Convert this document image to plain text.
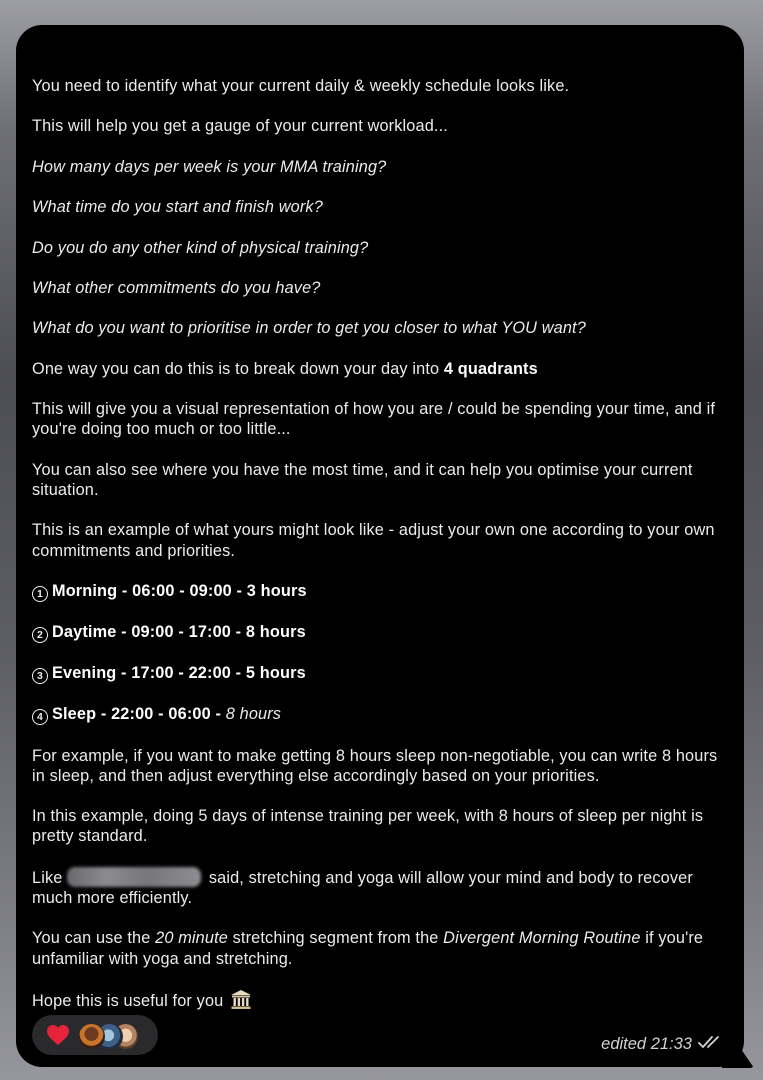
You need to identify what your current daily & weekly schedule looks like.

This will help you get a gauge of your current workload...

How many days per week is your MMA training?

What time do you start and finish work?

Do you do any other kind of physical training?

What other commitments do you have?

What do you want to prioritise in order to get you closer to what YOU want?

One way you can do this is to break down your day into 4 quadrants

This will give you a visual representation of how you are / could be spending your time, and if you're doing too much or too little...

You can also see where you have the most time, and it can help you optimise your current situation.

This is an example of what yours might look like - adjust your own one according to your own commitments and priorities.

1 Morning - 06:00 - 09:00 - 3 hours

2 Daytime - 09:00 - 17:00 - 8 hours

3 Evening - 17:00 - 22:00 - 5 hours

4 Sleep - 22:00 - 06:00 - 8 hours

For example, if you want to make getting 8 hours sleep non-negotiable, you can write 8 hours in sleep, and then adjust everything else accordingly based on your priorities.

In this example, doing 5 days of intense training per week, with 8 hours of sleep per night is pretty standard.

Like	said, stretching and yoga will allow your mind and body to recover much more efficiently.

You can use the 20 minute stretching segment from the Divergent Morning Routine if you're unfamiliar with yoga and stretching.

Hope this is useful for you

edited 21:33
